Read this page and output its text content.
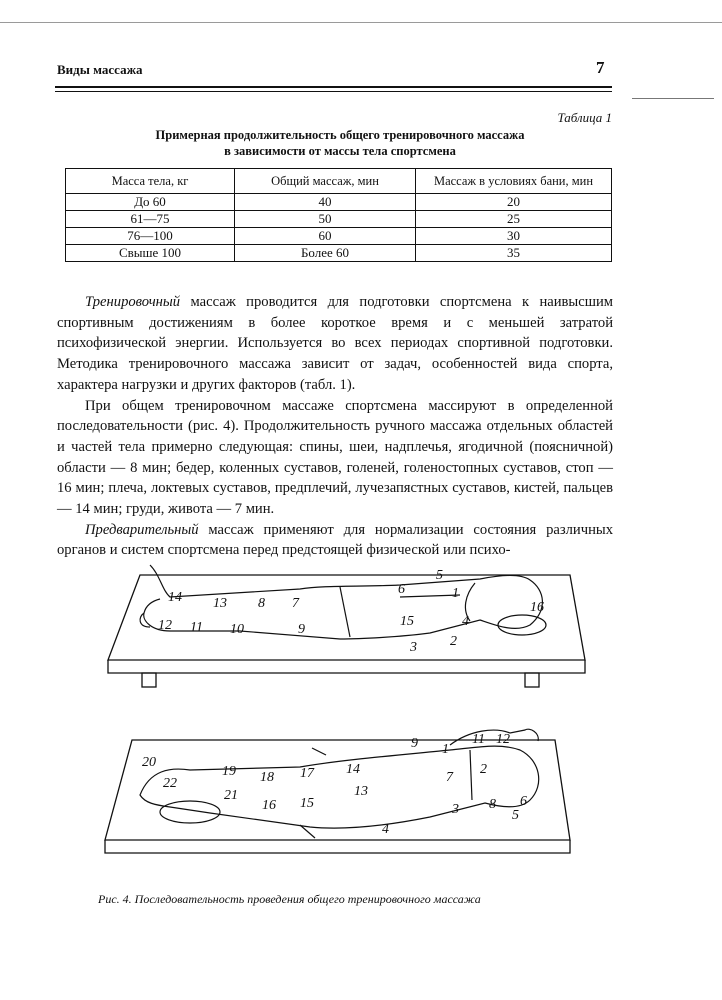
Виды массажа	7
Таблица 1
Примерная продолжительность общего тренировочного массажа
в зависимости от массы тела спортсмена
Масса тела, кг	Общий массаж, мин	Массаж в условиях бани, мин
До 60	40	20
61—75	50	25
76—100	60	30
Свыше 100	Более 60	35

Тренировочный массаж проводится для подготовки спортсмена к наивысшим спортивным достижениям в более короткое время и с меньшей затратой психофизической энергии. Используется во всех периодах спортивной подготовки. Методика тренировочного массажа зависит от задач, особенностей вида спорта, характера нагрузки и других факторов (табл. 1).

При общем тренировочном массаже спортсмена массируют в определенной последовательности (рис. 4). Продолжительность ручного массажа отдельных областей и частей тела примерно следующая: спины, шеи, надплечья, ягодичной (поясничной) области — 8 мин; бедер, коленных суставов, голеней, голеностопных суставов, стоп — 16 мин; плеча, локтевых суставов, предплечий, лучезапястных суставов, кистей, пальцев — 14 мин; груди, живота — 7 мин.

Предварительный массаж применяют для нормализации состояния различных органов и систем спортсмена перед предстоящей физической или психо-

1
2
3
4
5
6
7
8
9
10
11
12
13
14
15
16
1
2
3
4
5
6
7
8
9	11 12
13
14
15
16
17
18
19
20
21
22
Рис. 4. Последовательность проведения общего тренировочного массажа
